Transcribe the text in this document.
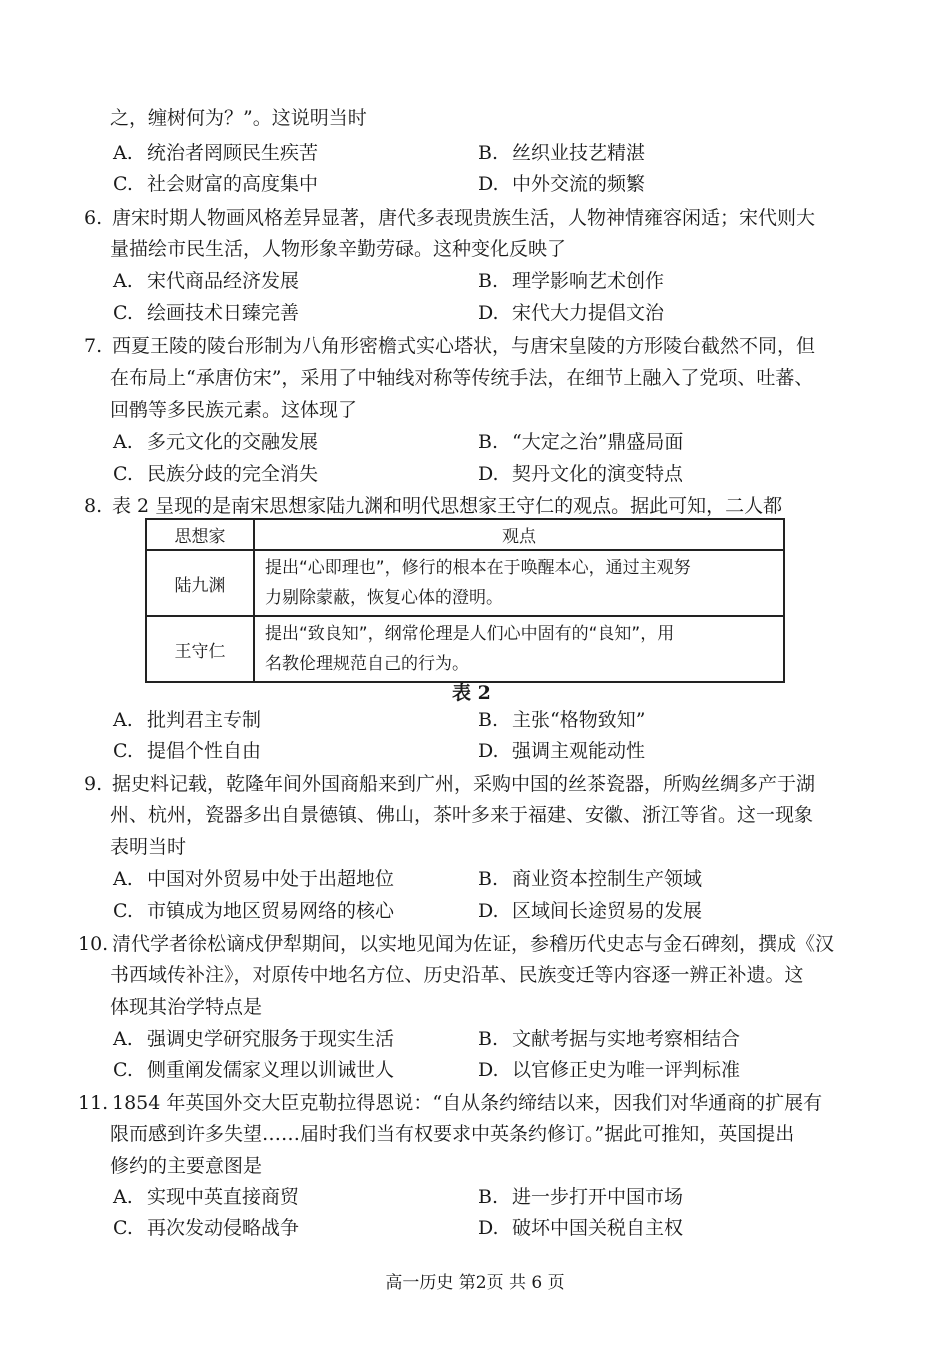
之，缠树何为？”。这说明当时
A. 统治者罔顾民生疾苦	B. 丝织业技艺精湛
C. 社会财富的高度集中	D. 中外交流的频繁
6. 唐宋时期人物画风格差异显著，唐代多表现贵族生活，人物神情雍容闲适；宋代则大
量描绘市民生活，人物形象辛勤劳碌。这种变化反映了
A. 宋代商品经济发展	B. 理学影响艺术创作
C. 绘画技术日臻完善	D. 宋代大力提倡文治
7. 西夏王陵的陵台形制为八角形密檐式实心塔状，与唐宋皇陵的方形陵台截然不同，但
在布局上“承唐仿宋”，采用了中轴线对称等传统手法，在细节上融入了党项、吐蕃、
回鹘等多民族元素。这体现了
A. 多元文化的交融发展	B. “大定之治”鼎盛局面
C. 民族分歧的完全消失	D. 契丹文化的演变特点
8. 表 2 呈现的是南宋思想家陆九渊和明代思想家王守仁的观点。据此可知，二人都
思想家	观点
陆九渊	提出“心即理也”，修行的根本在于唤醒本心，通过主观努
力剔除蒙蔽，恢复心体的澄明。
王守仁	提出“致良知”，纲常伦理是人们心中固有的“良知”，用
名教伦理规范自己的行为。
表 2
A. 批判君主专制	B. 主张“格物致知”
C. 提倡个性自由	D. 强调主观能动性
9. 据史料记载，乾隆年间外国商船来到广州，采购中国的丝茶瓷器，所购丝绸多产于湖
州、杭州，瓷器多出自景德镇、佛山，茶叶多来于福建、安徽、浙江等省。这一现象
表明当时
A. 中国对外贸易中处于出超地位	B. 商业资本控制生产领域
C. 市镇成为地区贸易网络的核心	D. 区域间长途贸易的发展
10. 清代学者徐松谪戍伊犁期间，以实地见闻为佐证，参稽历代史志与金石碑刻，撰成《汉
书西域传补注》，对原传中地名方位、历史沿革、民族变迁等内容逐一辨正补遗。这
体现其治学特点是
A. 强调史学研究服务于现实生活	B. 文献考据与实地考察相结合
C. 侧重阐发儒家义理以训诫世人	D. 以官修正史为唯一评判标准
11. 1854 年英国外交大臣克勒拉得恩说：“自从条约缔结以来，因我们对华通商的扩展有
限而感到许多失望……届时我们当有权要求中英条约修订。”据此可推知，英国提出
修约的主要意图是
A. 实现中英直接商贸	B. 进一步打开中国市场
C. 再次发动侵略战争	D. 破坏中国关税自主权
高一历史 第2页 共 6 页
